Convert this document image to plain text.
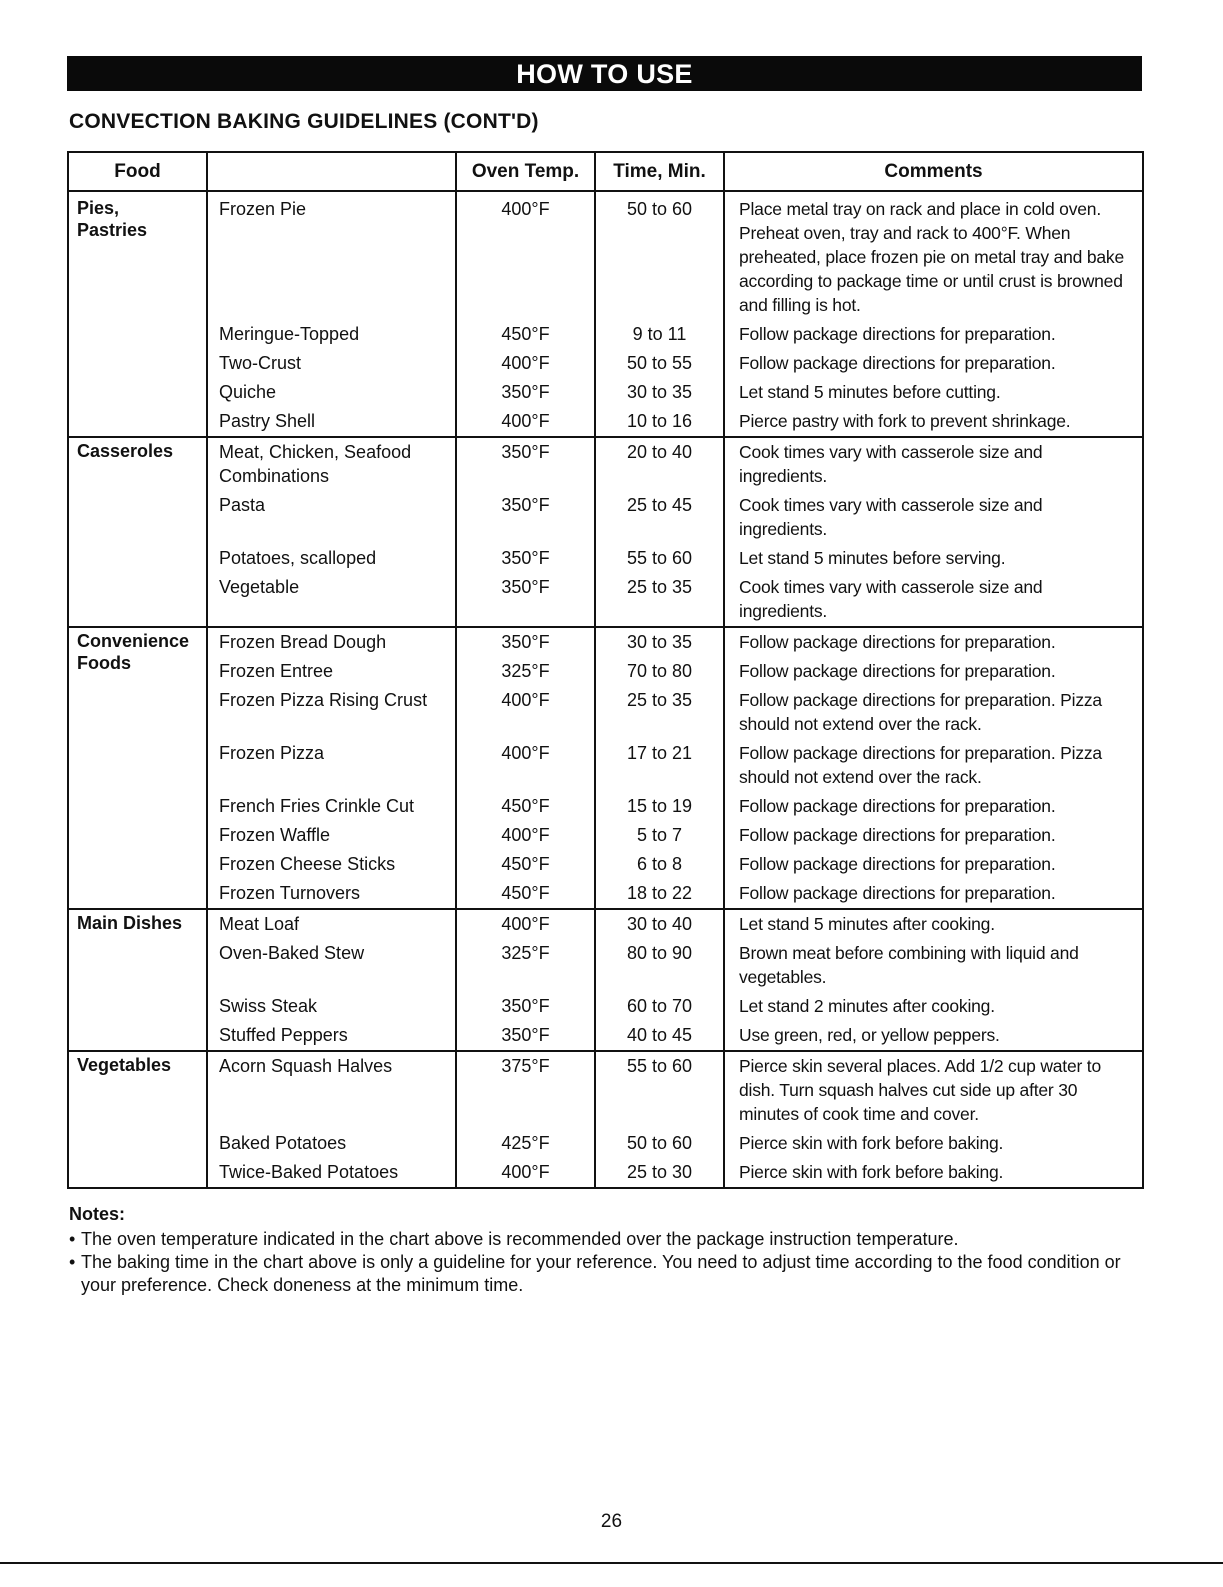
HOW TO USE
CONVECTION BAKING GUIDELINES (CONT'D)
Food		Oven Temp.	Time, Min.	Comments

Pies,
Pastries	Frozen Pie	400°F	50 to 60	Place metal tray on rack and place in cold oven. Preheat oven, tray and rack to 400°F. When preheated, place frozen pie on metal tray and bake according to package time or until crust is browned and filling is hot.

	Meringue-Topped	450°F	9 to 11	Follow package directions for preparation.

	Two-Crust	400°F	50 to 55	Follow package directions for preparation.

	Quiche	350°F	30 to 35	Let stand 5 minutes before cutting.

	Pastry Shell	400°F	10 to 16	Pierce pastry with fork to prevent shrinkage.

Casseroles	Meat, Chicken, Seafood Combinations	350°F	20 to 40	Cook times vary with casserole size and ingredients.

	Pasta	350°F	25 to 45	Cook times vary with casserole size and ingredients.

	Potatoes, scalloped	350°F	55 to 60	Let stand 5 minutes before serving.

	Vegetable	350°F	25 to 35	Cook times vary with casserole size and ingredients.

Convenience
Foods	Frozen Bread Dough	350°F	30 to 35	Follow package directions for preparation.

	Frozen Entree	325°F	70 to 80	Follow package directions for preparation.

	Frozen Pizza Rising Crust	400°F	25 to 35	Follow package directions for preparation. Pizza should not extend over the rack.

	Frozen Pizza	400°F	17 to 21	Follow package directions for preparation. Pizza should not extend over the rack.

	French Fries Crinkle Cut	450°F	15 to 19	Follow package directions for preparation.

	Frozen Waffle	400°F	5 to 7	Follow package directions for preparation.

	Frozen Cheese Sticks	450°F	6 to 8	Follow package directions for preparation.

	Frozen Turnovers	450°F	18 to 22	Follow package directions for preparation.

Main Dishes	Meat Loaf	400°F	30 to 40	Let stand 5 minutes after cooking.

	Oven-Baked Stew	325°F	80 to 90	Brown meat before combining with liquid and vegetables.

	Swiss Steak	350°F	60 to 70	Let stand 2 minutes after cooking.

	Stuffed Peppers	350°F	40 to 45	Use green, red, or yellow peppers.

Vegetables	Acorn Squash Halves	375°F	55 to 60	Pierce skin several places. Add 1/2 cup water to dish. Turn squash halves cut side up after 30 minutes of cook time and cover.

	Baked Potatoes	425°F	50 to 60	Pierce skin with fork before baking.

	Twice-Baked Potatoes	400°F	25 to 30	Pierce skin with fork before baking.
Notes:
• The oven temperature indicated in the chart above is recommended over the package instruction temperature.
• The baking time in the chart above is only a guideline for your reference. You need to adjust time according to the food condition or your preference. Check doneness at the minimum time.
26
